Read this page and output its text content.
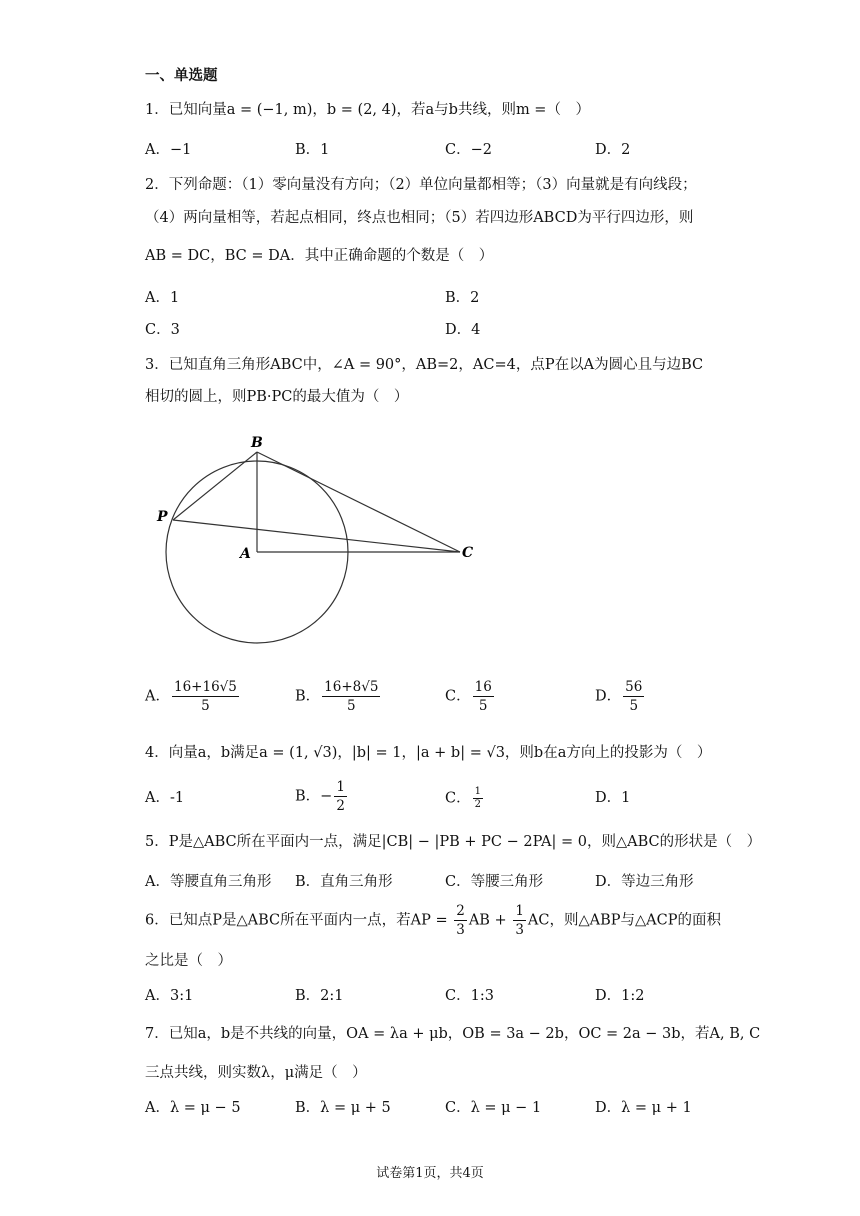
一、单选题
1．已知向量a = (−1, m)，b = (2, 4)，若a与b共线，则m =（　）
A．−1	B．1	C．−2	D．2
2．下列命题：（1）零向量没有方向；（2）单位向量都相等；（3）向量就是有向线段；
（4）两向量相等，若起点相同，终点也相同；（5）若四边形ABCD为平行四边形，则
AB = DC，BC = DA．其中正确命题的个数是（　）
A．1	B．2
C．3	D．4
3．已知直角三角形ABC中，∠A = 90°，AB=2，AC=4，点P在以A为圆心且与边BC
相切的圆上，则PB·PC的最大值为（　）
B
P
A	C
A． $\frac{16+16√5}{5}$	B． $\frac{16+8√5}{5}$	C． $\frac{16}{5}$	D． $\frac{56}{5}$
4．向量a，b满足a = (1, √3)，|b| = 1，|a + b| = √3，则b在a方向上的投影为（　）
A．-1	B．− $\frac{1}{2}$	C． $\frac{1}{2}$	D．1
5．P是△ABC所在平面内一点，满足|CB| − |PB + PC − 2PA| = 0，则△ABC的形状是（　）
A．等腰直角三角形 B．直角三角形	C．等腰三角形	D．等边三角形
6．已知点P是△ABC所在平面内一点，若AP = $\frac{2}{3}$ AB + $\frac{1}{3}$ AC，则△ABP与△ACP的面积
之比是（　）
A．3:1	B．2:1	C．1:3	D．1:2
7．已知a，b是不共线的向量，OA = λa + μb，OB = 3a − 2b，OC = 2a − 3b，若A, B, C
三点共线，则实数λ，μ满足（　）
A．λ = μ − 5	B．λ = μ + 5	C．λ = μ − 1	D．λ = μ + 1
试卷第1页，共4页
